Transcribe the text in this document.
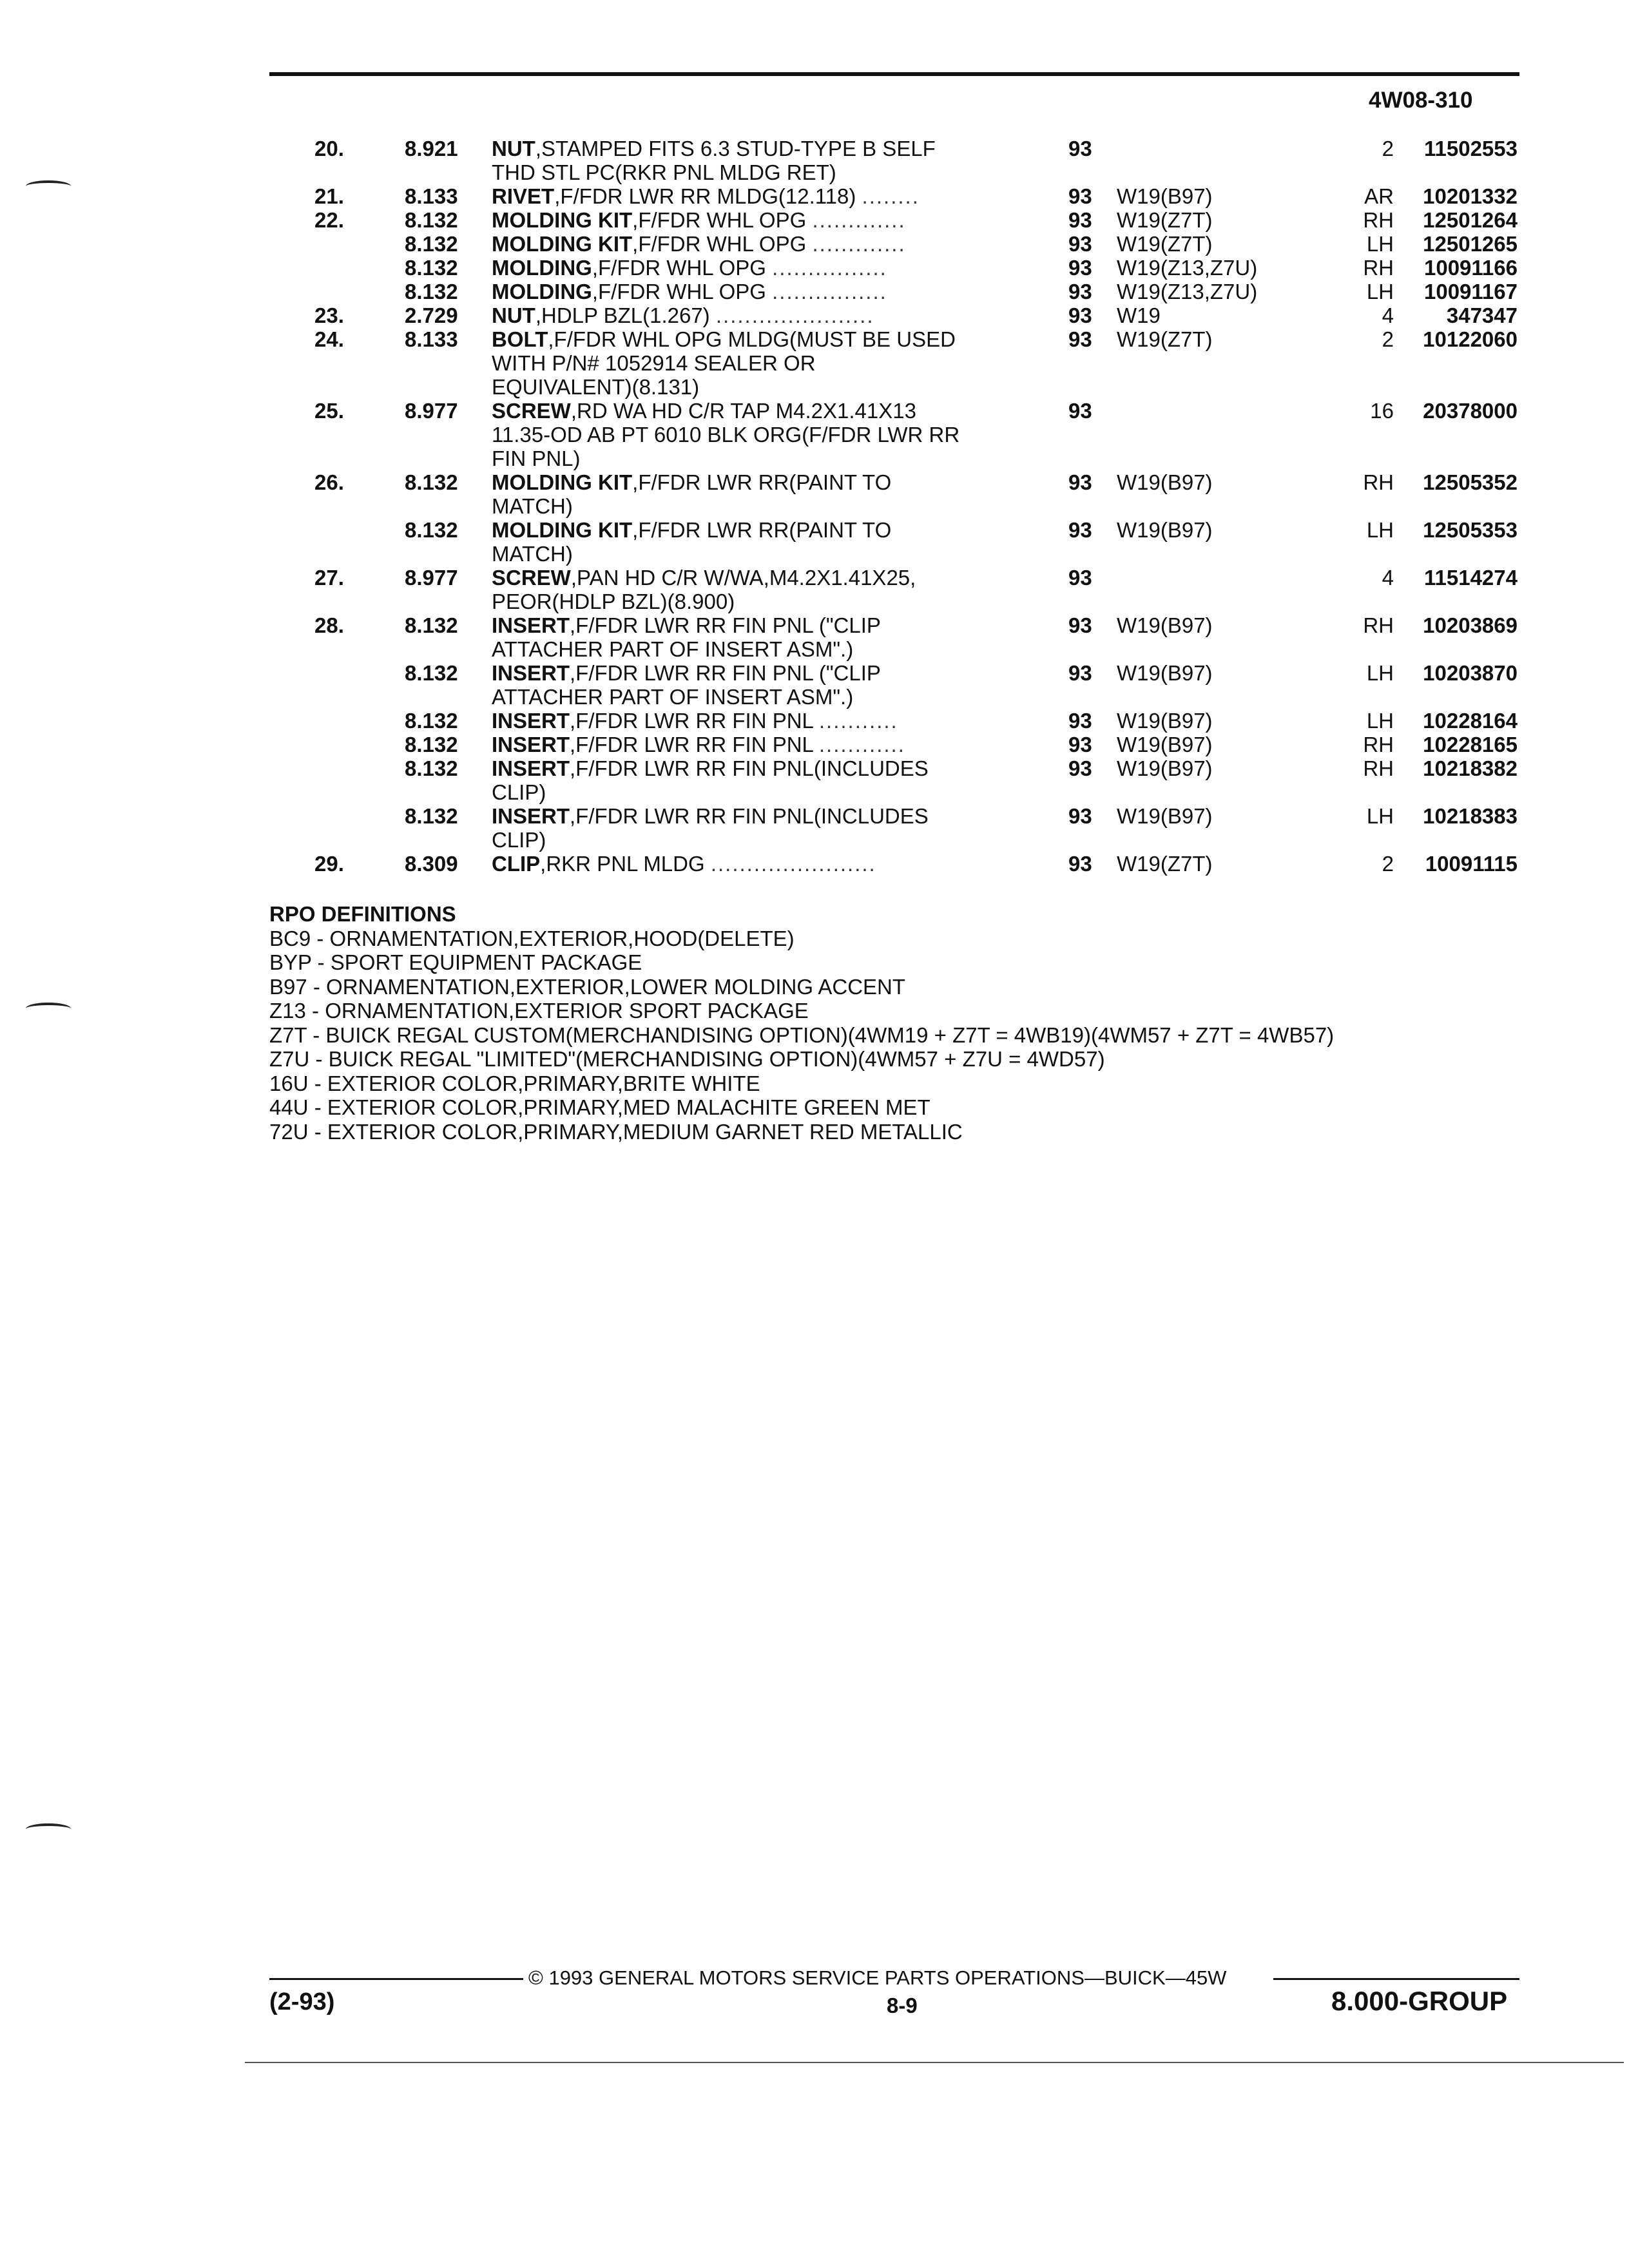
4W08-310
20.	8.921 NUT,STAMPED FITS 6.3 STUD-TYPE B SELF	93	2	11502553
THD STL PC(RKR PNL MLDG RET)
21.	8.133 RIVET,F/FDR LWR RR MLDG(12.118) ........	93 W19(B97)	AR	10201332
22.	8.132 MOLDING KIT,F/FDR WHL OPG .............	93 W19(Z7T)	RH	12501264
8.132 MOLDING KIT,F/FDR WHL OPG .............	93 W19(Z7T)	LH	12501265
8.132 MOLDING,F/FDR WHL OPG ................	93 W19(Z13,Z7U)	RH	10091166
8.132 MOLDING,F/FDR WHL OPG ................	93 W19(Z13,Z7U)	LH	10091167
23.	2.729 NUT,HDLP BZL(1.267) ......................	93 W19	4	347347
24.	8.133 BOLT,F/FDR WHL OPG MLDG(MUST BE USED	93 W19(Z7T)	2	10122060
WITH P/N# 1052914 SEALER OR
EQUIVALENT)(8.131)
25.	8.977 SCREW,RD WA HD C/R TAP M4.2X1.41X13	93	16	20378000
11.35-OD AB PT 6010 BLK ORG(F/FDR LWR RR
FIN PNL)
26.	8.132 MOLDING KIT,F/FDR LWR RR(PAINT TO	93 W19(B97)	RH	12505352
MATCH)
8.132 MOLDING KIT,F/FDR LWR RR(PAINT TO	93 W19(B97)	LH	12505353
MATCH)
27.	8.977 SCREW,PAN HD C/R W/WA,M4.2X1.41X25,	93	4	11514274
PEOR(HDLP BZL)(8.900)
28.	8.132 INSERT,F/FDR LWR RR FIN PNL ("CLIP	93 W19(B97)	RH	10203869
ATTACHER PART OF INSERT ASM".)
8.132 INSERT,F/FDR LWR RR FIN PNL ("CLIP	93 W19(B97)	LH	10203870
ATTACHER PART OF INSERT ASM".)
8.132 INSERT,F/FDR LWR RR FIN PNL ...........	93 W19(B97)	LH	10228164
8.132 INSERT,F/FDR LWR RR FIN PNL ............	93 W19(B97)	RH	10228165
8.132 INSERT,F/FDR LWR RR FIN PNL(INCLUDES	93 W19(B97)	RH	10218382
CLIP)
8.132 INSERT,F/FDR LWR RR FIN PNL(INCLUDES	93 W19(B97)	LH	10218383
CLIP)
29.	8.309 CLIP,RKR PNL MLDG .......................	93 W19(Z7T)	2	10091115
RPO DEFINITIONS
BC9 - ORNAMENTATION,EXTERIOR,HOOD(DELETE)
BYP - SPORT EQUIPMENT PACKAGE
B97 - ORNAMENTATION,EXTERIOR,LOWER MOLDING ACCENT
Z13 - ORNAMENTATION,EXTERIOR SPORT PACKAGE
Z7T - BUICK REGAL CUSTOM(MERCHANDISING OPTION)(4WM19 + Z7T = 4WB19)(4WM57 + Z7T = 4WB57)
Z7U - BUICK REGAL "LIMITED"(MERCHANDISING OPTION)(4WM57 + Z7U = 4WD57)
16U - EXTERIOR COLOR,PRIMARY,BRITE WHITE
44U - EXTERIOR COLOR,PRIMARY,MED MALACHITE GREEN MET
72U - EXTERIOR COLOR,PRIMARY,MEDIUM GARNET RED METALLIC
© 1993 GENERAL MOTORS SERVICE PARTS OPERATIONS—BUICK—45W
(2-93)	8-9	8.000-GROUP
